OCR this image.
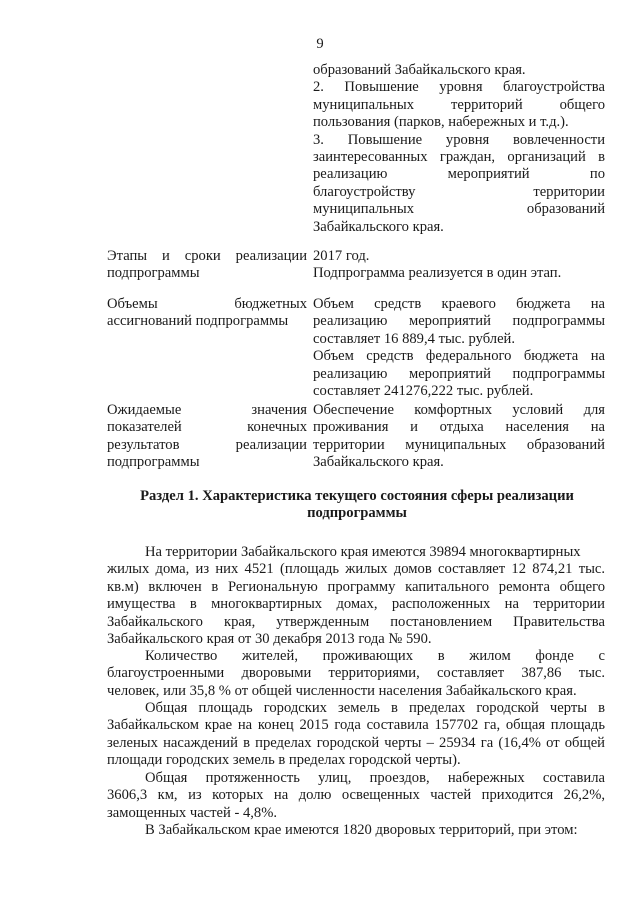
9
образований Забайкальского края.
2. Повышение уровня благоустройства
муниципальных территорий общего
пользования (парков, набережных и т.д.).
3. Повышение уровня вовлеченности
заинтересованных граждан, организаций в
реализацию мероприятий по
благоустройству территории
муниципальных образований
Забайкальского края.
Этапы и сроки реализации
подпрограммы
2017 год.
Подпрограмма реализуется в один этап.
Объемы бюджетных
ассигнований подпрограммы
Объем средств краевого бюджета на
реализацию мероприятий подпрограммы
составляет 16 889,4 тыс. рублей.
Объем средств федерального бюджета на
реализацию мероприятий подпрограммы
составляет 241276,222 тыс. рублей.
Ожидаемые значения
показателей конечных
результатов реализации
подпрограммы
Обеспечение комфортных условий для
проживания и отдыха населения на
территории муниципальных образований
Забайкальского края.
Раздел 1. Характеристика текущего состояния сферы реализации
подпрограммы
На территории Забайкальского края имеются 39894 многоквартирных
жилых дома, из них 4521 (площадь жилых домов составляет 12 874,21 тыс.
кв.м) включен в Региональную программу капитального ремонта общего
имущества в многоквартирных домах, расположенных на территории
Забайкальского края, утвержденным постановлением Правительства
Забайкальского края от 30 декабря 2013 года № 590.
Количество жителей, проживающих в жилом фонде с
благоустроенными дворовыми территориями, составляет 387,86 тыс.
человек, или 35,8 % от общей численности населения Забайкальского края.
Общая площадь городских земель в пределах городской черты в
Забайкальском крае на конец 2015 года составила 157702 га, общая площадь
зеленых насаждений в пределах городской черты – 25934 га (16,4% от общей
площади городских земель в пределах городской черты).
Общая протяженность улиц, проездов, набережных составила
3606,3 км, из которых на долю освещенных частей приходится 26,2%,
замощенных частей - 4,8%.
В Забайкальском крае имеются 1820 дворовых территорий, при этом:
